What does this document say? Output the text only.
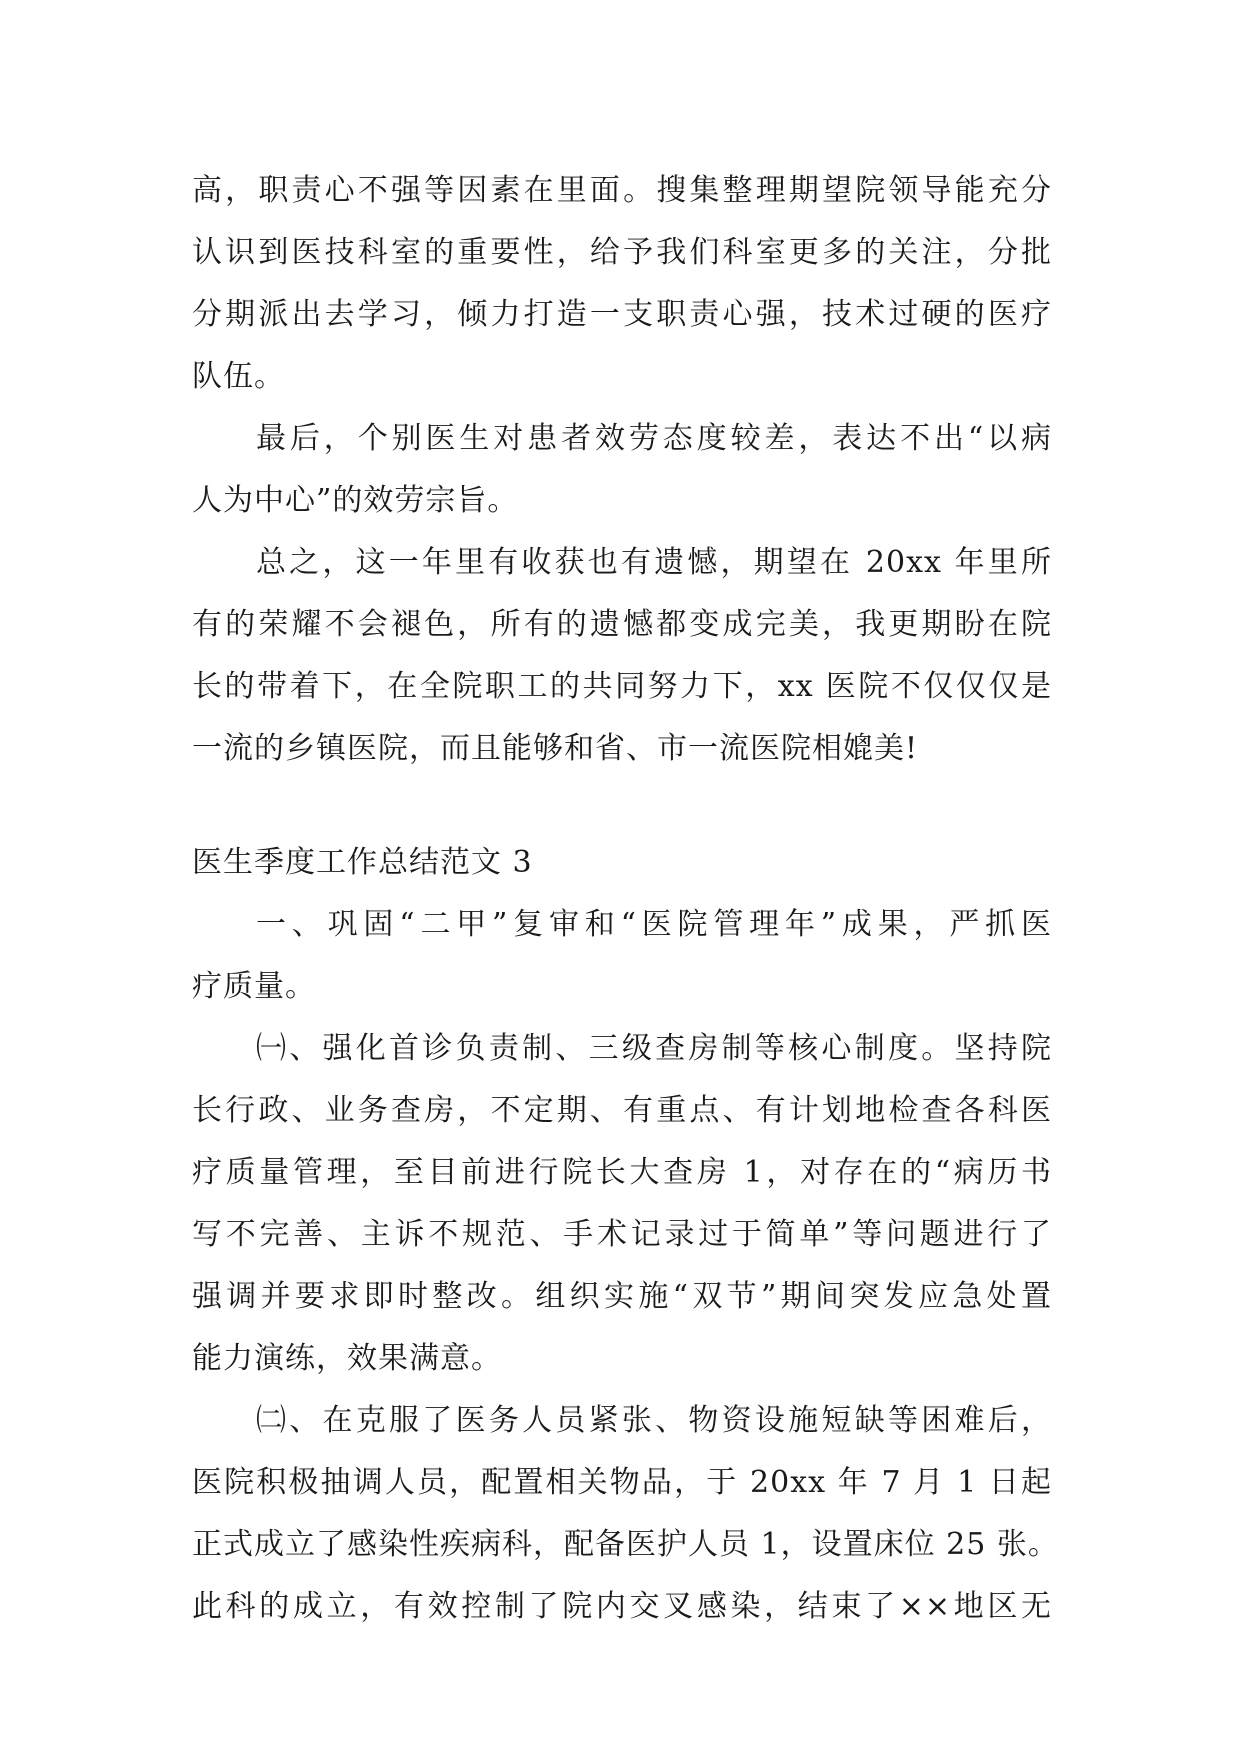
高，职责心不强等因素在里面。搜集整理期望院领导能充分
认识到医技科室的重要性，给予我们科室更多的关注，分批
分期派出去学习，倾力打造一支职责心强，技术过硬的医疗
队伍。
最后，个别医生对患者效劳态度较差，表达不出“以病
人为中心”的效劳宗旨。
总之，这一年里有收获也有遗憾，期望在 20xx 年里所
有的荣耀不会褪色，所有的遗憾都变成完美，我更期盼在院
长的带着下，在全院职工的共同努力下，xx 医院不仅仅仅是
一流的乡镇医院，而且能够和省、市一流医院相媲美!
医生季度工作总结范文 3
一、巩固“二甲”复审和“医院管理年”成果，严抓医
疗质量。
㈠、强化首诊负责制、三级查房制等核心制度。坚持院
长行政、业务查房，不定期、有重点、有计划地检查各科医
疗质量管理，至目前进行院长大查房 1，对存在的“病历书
写不完善、主诉不规范、手术记录过于简单”等问题进行了
强调并要求即时整改。组织实施“双节”期间突发应急处置
能力演练，效果满意。
㈡、在克服了医务人员紧张、物资设施短缺等困难后，
医院积极抽调人员，配置相关物品，于 20xx 年 7 月 1 日起
正式成立了感染性疾病科，配备医护人员 1，设置床位 25 张。
此科的成立，有效控制了院内交叉感染，结束了××地区无
